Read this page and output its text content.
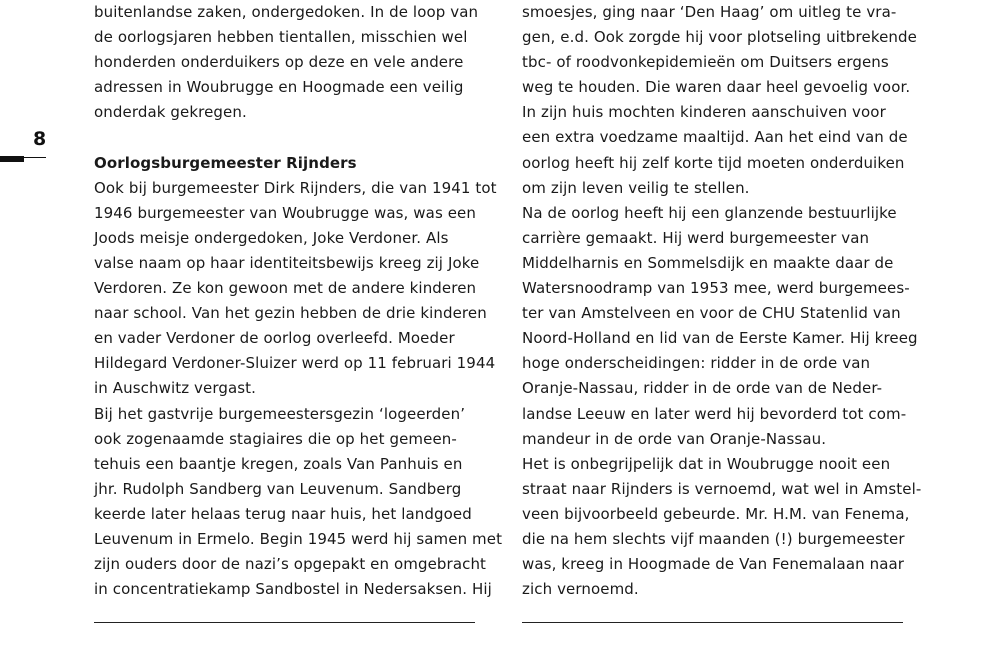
8
buitenlandse zaken, ondergedoken. In de loop van
de oorlogsjaren hebben tientallen, misschien wel
honderden onderduikers op deze en vele andere
adressen in Woubrugge en Hoogmade een veilig
onderdak gekregen.
Oorlogsburgemeester Rijnders
Ook bij burgemeester Dirk Rijnders, die van 1941 tot
1946 burgemeester van Woubrugge was, was een
Joods meisje ondergedoken, Joke Verdoner. Als
valse naam op haar identiteitsbewijs kreeg zij Joke
Verdoren. Ze kon gewoon met de andere kinderen
naar school. Van het gezin hebben de drie kinderen
en vader Verdoner de oorlog overleefd. Moeder
Hildegard Verdoner-Sluizer werd op 11 februari 1944
in Auschwitz vergast.
Bij het gastvrije burgemeestersgezin ‘logeerden’
ook zogenaamde stagiaires die op het gemeen-
tehuis een baantje kregen, zoals Van Panhuis en
jhr. Rudolph Sandberg van Leuvenum. Sandberg
keerde later helaas terug naar huis, het landgoed
Leuvenum in Ermelo. Begin 1945 werd hij samen met
zijn ouders door de nazi’s opgepakt en omgebracht
in concentratiekamp Sandbostel in Nedersaksen. Hij
smoesjes, ging naar ‘Den Haag’ om uitleg te vra-
gen, e.d. Ook zorgde hij voor plotseling uitbrekende
tbc- of roodvonkepidemieën om Duitsers ergens
weg te houden. Die waren daar heel gevoelig voor.
In zijn huis mochten kinderen aanschuiven voor
een extra voedzame maaltijd. Aan het eind van de
oorlog heeft hij zelf korte tijd moeten onderduiken
om zijn leven veilig te stellen.
Na de oorlog heeft hij een glanzende bestuurlijke
carrière gemaakt. Hij werd burgemeester van
Middelharnis en Sommelsdijk en maakte daar de
Watersnoodramp van 1953 mee, werd burgemees-
ter van Amstelveen en voor de CHU Statenlid van
Noord-Holland en lid van de Eerste Kamer. Hij kreeg
hoge onderscheidingen: ridder in de orde van
Oranje-Nassau, ridder in de orde van de Neder-
landse Leeuw en later werd hij bevorderd tot com-
mandeur in de orde van Oranje-Nassau.
Het is onbegrijpelijk dat in Woubrugge nooit een
straat naar Rijnders is vernoemd, wat wel in Amstel-
veen bijvoorbeeld gebeurde. Mr. H.M. van Fenema,
die na hem slechts vijf maanden (!) burgemeester
was, kreeg in Hoogmade de Van Fenemalaan naar
zich vernoemd.
